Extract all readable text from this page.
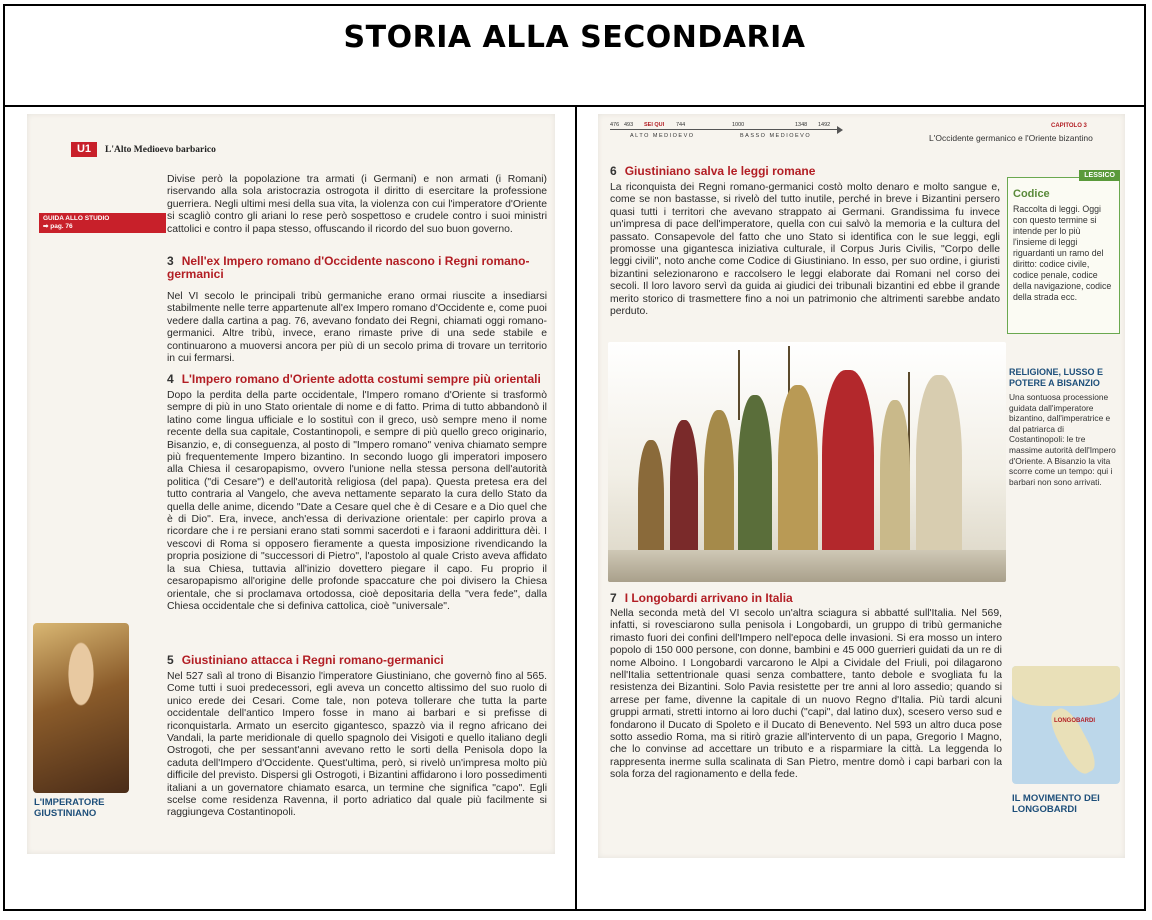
STORIA ALLA SECONDARIA
U1	L'Alto Medioevo barbarico
GUIDA ALLO STUDIO
➡ pag. 76
Divise però la popolazione tra armati (i Germani) e non armati (i Romani) riservando alla sola aristocrazia ostrogota il diritto di esercitare la professione guerriera. Negli ultimi mesi della sua vita, la violenza con cui l'imperatore d'Oriente si scagliò contro gli ariani lo rese però sospettoso e crudele contro i suoi ministri cattolici e contro il papa stesso, offuscando il ricordo del suo buon governo.
3 Nell'ex Impero romano d'Occidente nascono i Regni romano-germanici
Nel VI secolo le principali tribù germaniche erano ormai riuscite a insediarsi stabilmente nelle terre appartenute all'ex Impero romano d'Occidente e, come puoi vedere dalla cartina a pag. 76, avevano fondato dei Regni, chiamati oggi romano-germanici. Altre tribù, invece, erano rimaste prive di una sede stabile e continuarono a muoversi ancora per più di un secolo prima di trovare un territorio in cui fermarsi.
4 L'Impero romano d'Oriente adotta costumi sempre più orientali
Dopo la perdita della parte occidentale, l'Impero romano d'Oriente si trasformò sempre di più in uno Stato orientale di nome e di fatto. Prima di tutto abbandonò il latino come lingua ufficiale e lo sostituì con il greco, usò sempre meno il nome recente della sua capitale, Costantinopoli, e sempre di più quello greco originario, Bisanzio, e, di conseguenza, al posto di "Impero romano" veniva chiamato sempre più frequentemente Impero bizantino. In secondo luogo gli imperatori imposero alla Chiesa il cesaropapismo, ovvero l'unione nella stessa persona dell'autorità politica ("di Cesare") e dell'autorità religiosa (del papa). Questa pretesa era del tutto contraria al Vangelo, che aveva nettamente separato la cura dello Stato da quella delle anime, dicendo "Date a Cesare quel che è di Cesare e a Dio quel che è di Dio". Era, invece, anch'essa di derivazione orientale: per capirlo prova a ricordare che i re persiani erano stati sommi sacerdoti e i faraoni addirittura dèi. I vescovi di Roma si opposero fieramente a questa imposizione rivendicando la propria posizione di "successori di Pietro", l'apostolo al quale Cristo aveva affidato la sua Chiesa, tuttavia all'inizio dovettero piegare il capo. Fu proprio il cesaropapismo all'origine delle profonde spaccature che poi divisero la Chiesa orientale, che si proclamava ortodossa, cioè depositaria della "vera fede", dalla Chiesa occidentale che si definiva cattolica, cioè "universale".
5 Giustiniano attacca i Regni romano-germanici
Nel 527 salì al trono di Bisanzio l'imperatore Giustiniano, che governò fino al 565. Come tutti i suoi predecessori, egli aveva un concetto altissimo del suo ruolo di unico erede dei Cesari. Come tale, non poteva tollerare che tutta la parte occidentale dell'antico Impero fosse in mano ai barbari e si prefisse di riconquistarla. Armato un esercito gigantesco, spazzò via il regno africano dei Vandali, la parte meridionale di quello spagnolo dei Visigoti e quello italiano degli Ostrogoti, che per sessant'anni avevano retto le sorti della Penisola dopo la caduta dell'Impero d'Occidente. Quest'ultima, però, si rivelò un'impresa molto più difficile del previsto. Dispersi gli Ostrogoti, i Bizantini affidarono i loro possedimenti italiani a un governatore chiamato esarca, un termine che significa "capo". Egli scelse come residenza Ravenna, il porto adriatico dal quale più facilmente si raggiungeva Costantinopoli.
L'IMPERATORE GIUSTINIANO
476 493 SEI QUI 744	1000	1348 1492
ALTO MEDIOEVO	BASSO MEDIOEVO
CAPITOLO 3
L'Occidente germanico e l'Oriente bizantino
6 Giustiniano salva le leggi romane
La riconquista dei Regni romano-germanici costò molto denaro e molto sangue e, come se non bastasse, si rivelò del tutto inutile, perché in breve i Bizantini persero quasi tutti i territori che avevano strappato ai Germani. Grandissima fu invece un'impresa di pace dell'imperatore, quella con cui salvò la memoria e la cultura del passato. Consapevole del fatto che uno Stato si identifica con le sue leggi, egli promosse una gigantesca iniziativa culturale, il Corpus Juris Civilis, "Corpo delle leggi civili", noto anche come Codice di Giustiniano. In esso, per suo ordine, i giuristi bizantini selezionarono e raccolsero le leggi elaborate dai Romani nel corso dei secoli. Il loro lavoro servì da guida ai giudici dei tribunali bizantini ed ebbe il grande merito storico di trasmettere fino a noi un patrimonio che altrimenti sarebbe andato perduto.
LESSICO
Codice
Raccolta di leggi. Oggi con questo termine si intende per lo più l'insieme di leggi riguardanti un ramo del diritto: codice civile, codice penale, codice della navigazione, codice della strada ecc.
RELIGIONE, LUSSO E POTERE A BISANZIO
Una sontuosa processione guidata dall'imperatore bizantino, dall'imperatrice e dal patriarca di Costantinopoli: le tre massime autorità dell'Impero d'Oriente. A Bisanzio la vita scorre come un tempo: qui i barbari non sono arrivati.
7 I Longobardi arrivano in Italia
Nella seconda metà del VI secolo un'altra sciagura si abbatté sull'Italia. Nel 569, infatti, si rovesciarono sulla penisola i Longobardi, un gruppo di tribù germaniche rimasto fuori dei confini dell'Impero nell'epoca delle invasioni. Si era mosso un intero popolo di 150 000 persone, con donne, bambini e 45 000 guerrieri guidati da un re di nome Alboino. I Longobardi varcarono le Alpi a Cividale del Friuli, poi dilagarono nell'Italia settentrionale quasi senza combattere, tanto debole e svogliata fu la resistenza dei Bizantini. Solo Pavia resistette per tre anni al loro assedio; quando si arrese per fame, divenne la capitale di un nuovo Regno d'Italia. Più tardi alcuni gruppi armati, stretti intorno ai loro duchi ("capi", dal latino dux), scesero verso sud e fondarono il Ducato di Spoleto e il Ducato di Benevento. Nel 593 un altro duca pose sotto assedio Roma, ma si ritirò grazie all'intervento di un papa, Gregorio I Magno, che lo convinse ad accettare un tributo e a risparmiare la città. La leggenda lo rappresenta inerme sulla scalinata di San Pietro, mentre domò i capi barbari con la sola forza del ragionamento e della fede.
LONGOBARDI
IL MOVIMENTO DEI LONGOBARDI
